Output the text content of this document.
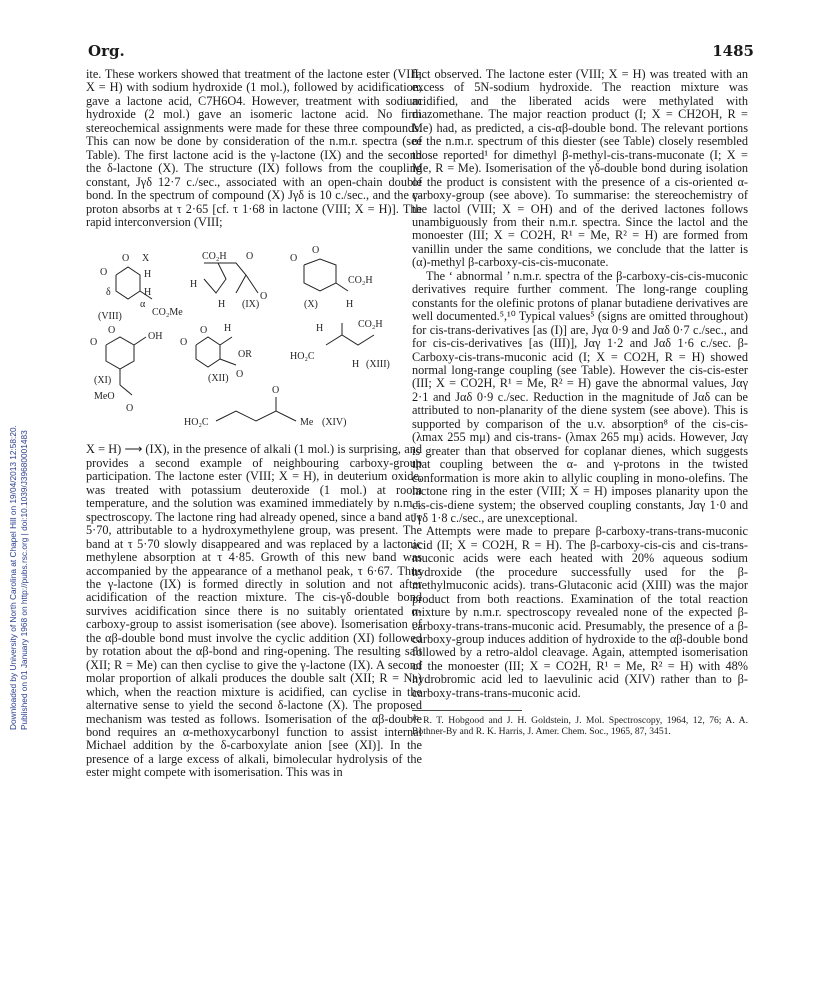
Downloaded by University of North Carolina at Chapel Hill on 19/04/2013 12:58:20. Published on 01 January 1968 on http://pubs.rsc.org | doi:10.1039/J39680001483
Org.	1485

ite. These workers showed that treatment of the lactone ester (VIII; X = H) with sodium hydroxide (1 mol.), followed by acidification, gave a lactone acid, C7H6O4. However, treatment with sodium hydroxide (2 mol.) gave an isomeric lactone acid. No firm stereochemical assignments were made for these three compounds. This can now be done by consideration of the n.m.r. spectra (see Table). The first lactone acid is the γ-lactone (IX) and the second the δ-lactone (X). The structure (IX) follows from the coupling constant, Jγδ 12·7 c./sec., associated with an open-chain double bond. In the spectrum of compound (X) Jγδ is 10 c./sec., and the γ-proton absorbs at τ 2·65 [cf. τ 1·68 in lactone (VIII; X = H)]. The rapid interconversion (VIII;

O
O X
H
δ	H
α
CO₂Me
(VIII)
CO₂H O
H
O
H (IX)
O
O
CO₂H
(X)	H
O
O
OH
(XI)
MeO
O
O
O H
OR
(XII) O
H	CO₂H
HO₂C
H (XIII)
O
HO₂C	Me (XIV)

X = H) ⟶ (IX), in the presence of alkali (1 mol.) is surprising, and provides a second example of neighbouring carboxy-group participation. The lactone ester (VIII; X = H), in deuterium oxide, was treated with potassium deuteroxide (1 mol.) at room temperature, and the solution was examined immediately by n.m.r. spectroscopy. The lactone ring had already opened, since a band at τ 5·70, attributable to a hydroxymethylene group, was present. The band at τ 5·70 slowly disappeared and was replaced by a lactonic methylene absorption at τ 4·85. Growth of this new band was accompanied by the appearance of a methanol peak, τ 6·67. Thus the γ-lactone (IX) is formed directly in solution and not after acidification of the reaction mixture. The cis-γδ-double bond survives acidification since there is no suitably orientated α-carboxy-group to assist isomerisation (see above). Isomerisation of the αβ-double bond must involve the cyclic addition (XI) followed by rotation about the αβ-bond and ring-opening. The resulting salt (XII; R = Me) can then cyclise to give the γ-lactone (IX). A second molar proportion of alkali produces the double salt (XII; R = Na) which, when the reaction mixture is acidified, can cyclise in the alternative sense to yield the second δ-lactone (X). The proposed mechanism was tested as follows. Isomerisation of the αβ-double bond requires an α-methoxycarbonyl function to assist internal Michael addition by the δ-carboxylate anion [see (XI)]. In the presence of a large excess of alkali, bimolecular hydrolysis of the ester might compete with isomerisation. This was in

fact observed. The lactone ester (VIII; X = H) was treated with an excess of 5N-sodium hydroxide. The reaction mixture was acidified, and the liberated acids were methylated with diazomethane. The major reaction product (I; X = CH2OH, R = Me) had, as predicted, a cis-αβ-double bond. The relevant portions of the n.m.r. spectrum of this diester (see Table) closely resembled those reported¹ for dimethyl β-methyl-cis-trans-muconate (I; X = Me, R = Me). Isomerisation of the γδ-double bond during isolation of the product is consistent with the presence of a cis-oriented α-carboxy-group (see above). To summarise: the stereochemistry of the lactol (VIII; X = OH) and of the derived lactones follows unambiguously from their n.m.r. spectra. Since the lactol and the monoester (III; X = CO2H, R¹ = Me, R² = H) are formed from vanillin under the same conditions, we conclude that the latter is (α)-methyl β-carboxy-cis-cis-muconate.

The ‘ abnormal ’ n.m.r. spectra of the β-carboxy-cis-cis-muconic derivatives require further comment. The long-range coupling constants for the olefinic protons of planar butadiene derivatives are well documented.⁵,¹⁰ Typical values⁵ (signs are omitted throughout) for cis-trans-derivatives [as (I)] are, Jγα 0·9 and Jαδ 0·7 c./sec., and for cis-cis-derivatives [as (III)], Jαγ 1·2 and Jαδ 1·6 c./sec. β-Carboxy-cis-trans-muconic acid (I; X = CO2H, R = H) showed normal long-range coupling (see Table). However the cis-cis-ester (III; X = CO2H, R¹ = Me, R² = H) gave the abnormal values, Jαγ 2·1 and Jαδ 0·9 c./sec. Reduction in the magnitude of Jαδ can be attributed to non-planarity of the diene system (see above). This is supported by comparison of the u.v. absorption⁸ of the cis-cis- (λmax 255 mμ) and cis-trans- (λmax 265 mμ) acids. However, Jαγ is greater than that observed for coplanar dienes, which suggests that coupling between the α- and γ-protons in the twisted conformation is more akin to allylic coupling in mono-olefins. The lactone ring in the ester (VIII; X = H) imposes planarity upon the cis-cis-diene system; the observed coupling constants, Jαγ 1·0 and Jγδ 1·8 c./sec., are unexceptional.

Attempts were made to prepare β-carboxy-trans-trans-muconic acid (II; X = CO2H, R = H). The β-carboxy-cis-cis and cis-trans-muconic acids were each heated with 20% aqueous sodium hydroxide (the procedure successfully used for the β-methylmuconic acids). trans-Glutaconic acid (XIII) was the major product from both reactions. Examination of the total reaction mixture by n.m.r. spectroscopy revealed none of the expected β-carboxy-trans-trans-muconic acid. Presumably, the presence of a β-carboxy-group induces addition of hydroxide to the αβ-double bond followed by a retro-aldol cleavage. Again, attempted isomerisation of the monoester (III; X = CO2H, R¹ = Me, R² = H) with 48% hydrobromic acid led to laevulinic acid (XIV) rather than to β-carboxy-trans-trans-muconic acid.

¹⁰ R. T. Hobgood and J. H. Goldstein, J. Mol. Spectroscopy, 1964, 12, 76; A. A. Bothner-By and R. K. Harris, J. Amer. Chem. Soc., 1965, 87, 3451.
